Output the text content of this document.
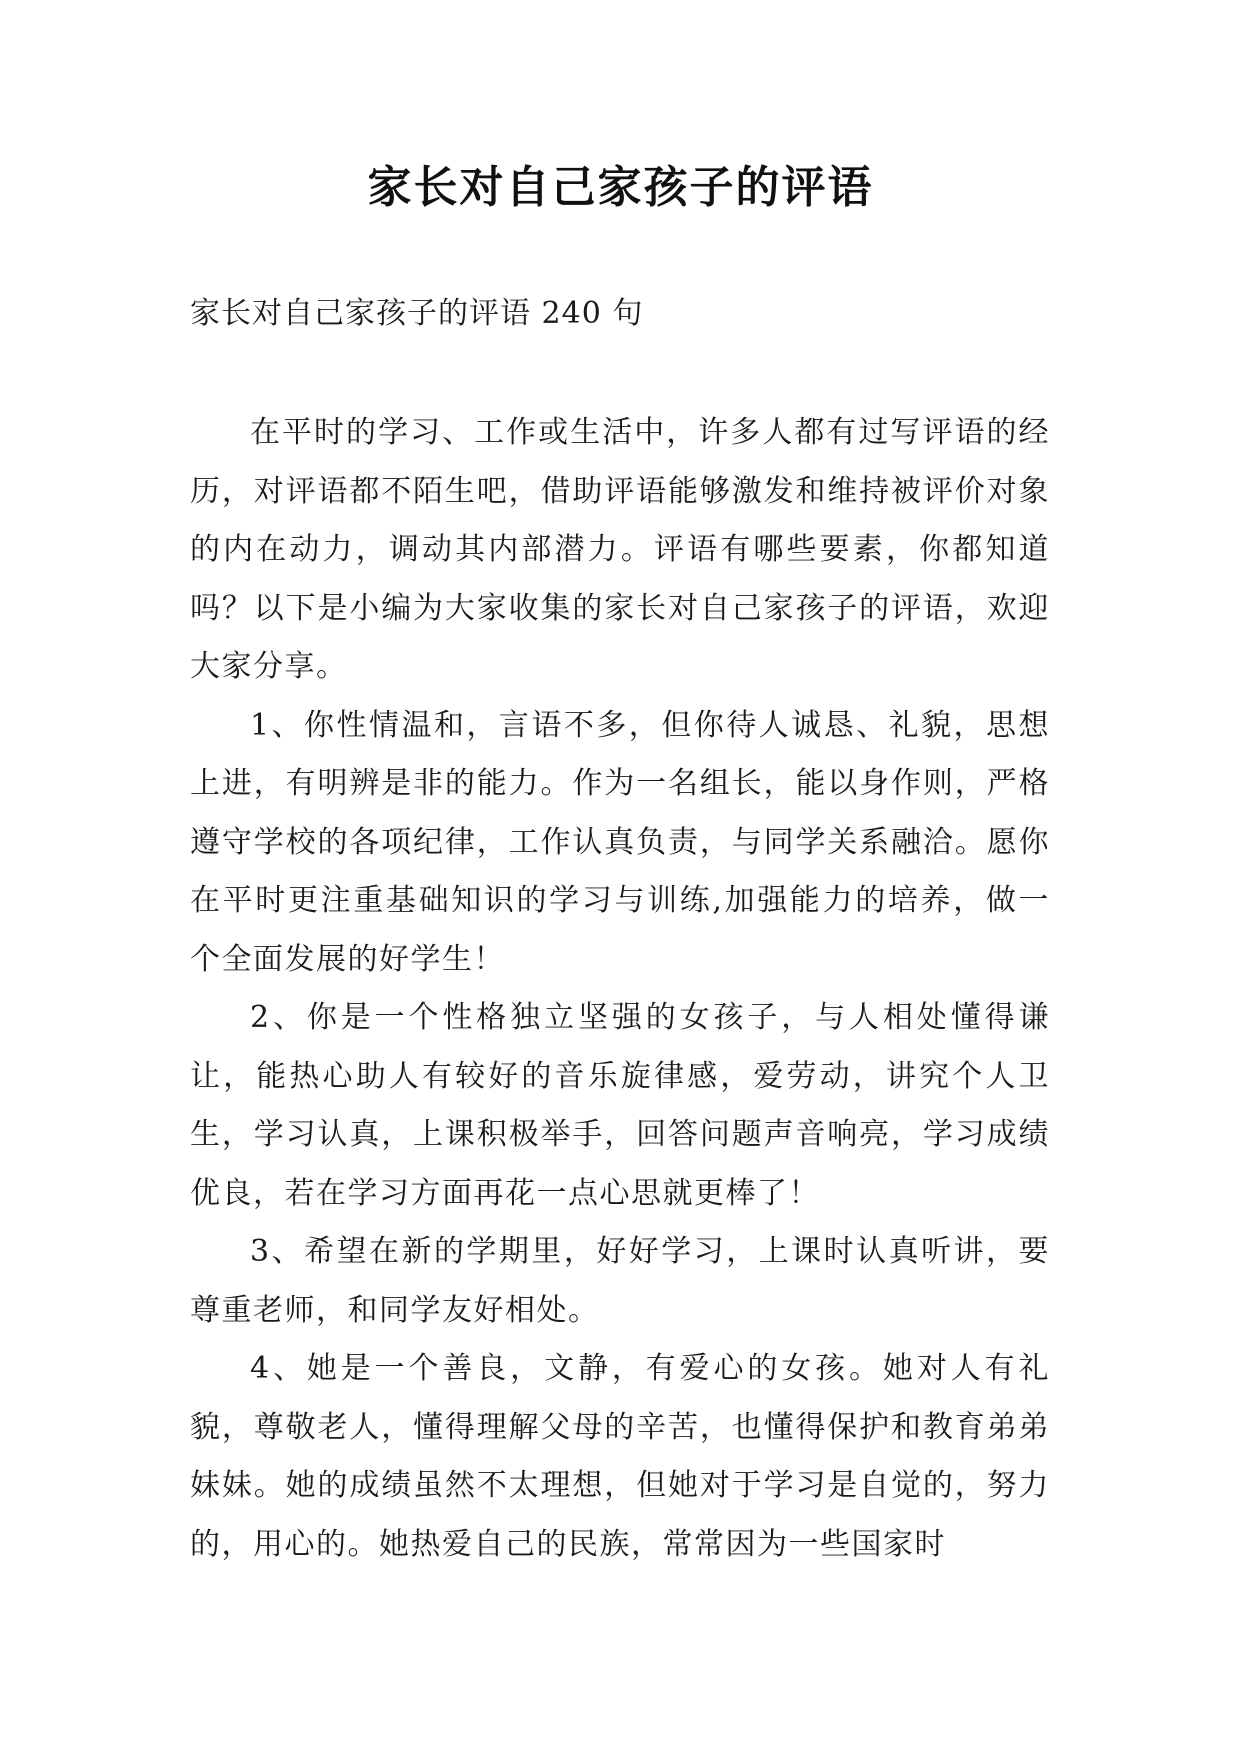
家长对自己家孩子的评语
家长对自己家孩子的评语 240 句

在平时的学习、工作或生活中，许多人都有过写评语的经历，对评语都不陌生吧，借助评语能够激发和维持被评价对象的内在动力，调动其内部潜力。评语有哪些要素，你都知道吗？以下是小编为大家收集的家长对自己家孩子的评语，欢迎大家分享。

1、你性情温和，言语不多，但你待人诚恳、礼貌，思想上进，有明辨是非的能力。作为一名组长，能以身作则，严格遵守学校的各项纪律，工作认真负责，与同学关系融洽。愿你在平时更注重基础知识的学习与训练,加强能力的培养，做一个全面发展的好学生！

2、你是一个性格独立坚强的女孩子，与人相处懂得谦让，能热心助人有较好的音乐旋律感，爱劳动，讲究个人卫生，学习认真，上课积极举手，回答问题声音响亮，学习成绩优良，若在学习方面再花一点心思就更棒了！

3、希望在新的学期里，好好学习，上课时认真听讲，要尊重老师，和同学友好相处。

4、她是一个善良，文静，有爱心的女孩。她对人有礼貌，尊敬老人，懂得理解父母的辛苦，也懂得保护和教育弟弟妹妹。她的成绩虽然不太理想，但她对于学习是自觉的，努力的，用心的。她热爱自己的民族，常常因为一些国家时
